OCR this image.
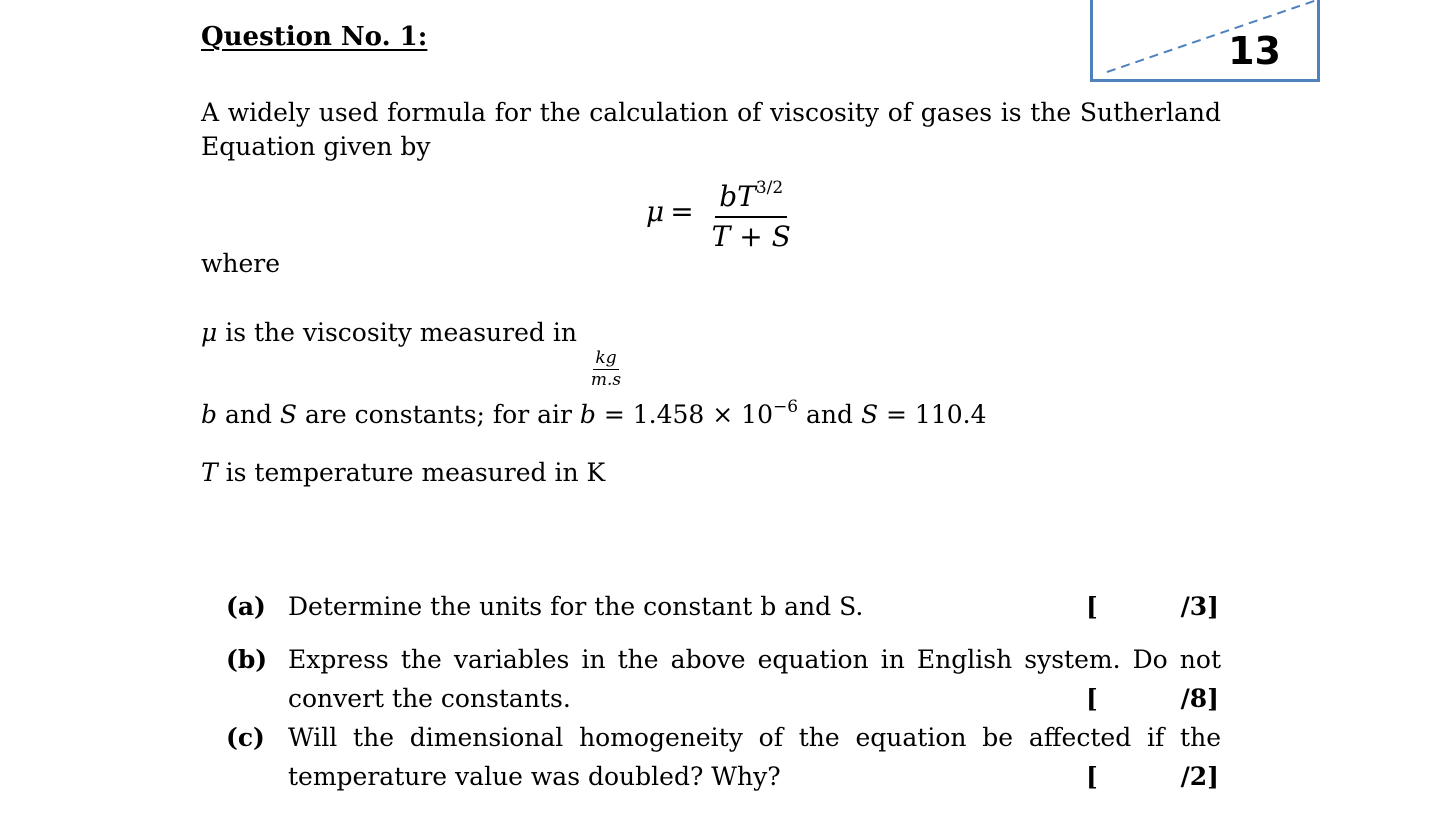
13
Question No. 1:
A widely used formula for the calculation of viscosity of gases is the Sutherland Equation given by
$\mu = \frac{bT^{3/2}}{T + S}$
where
μ is the viscosity measured in
$\frac{kg}{m.s}$
b and S are constants; for air $b = 1.458 \times 10^{-6}$ and S = 110.4
T is temperature measured in K
(a) Determine the units for the constant b and S.	[	/3]
(b) Express the variables in the above equation in English system. Do not
convert the constants.	[	/8]
(c) Will the dimensional homogeneity of the equation be affected if the
temperature value was doubled? Why?	[	/2]
